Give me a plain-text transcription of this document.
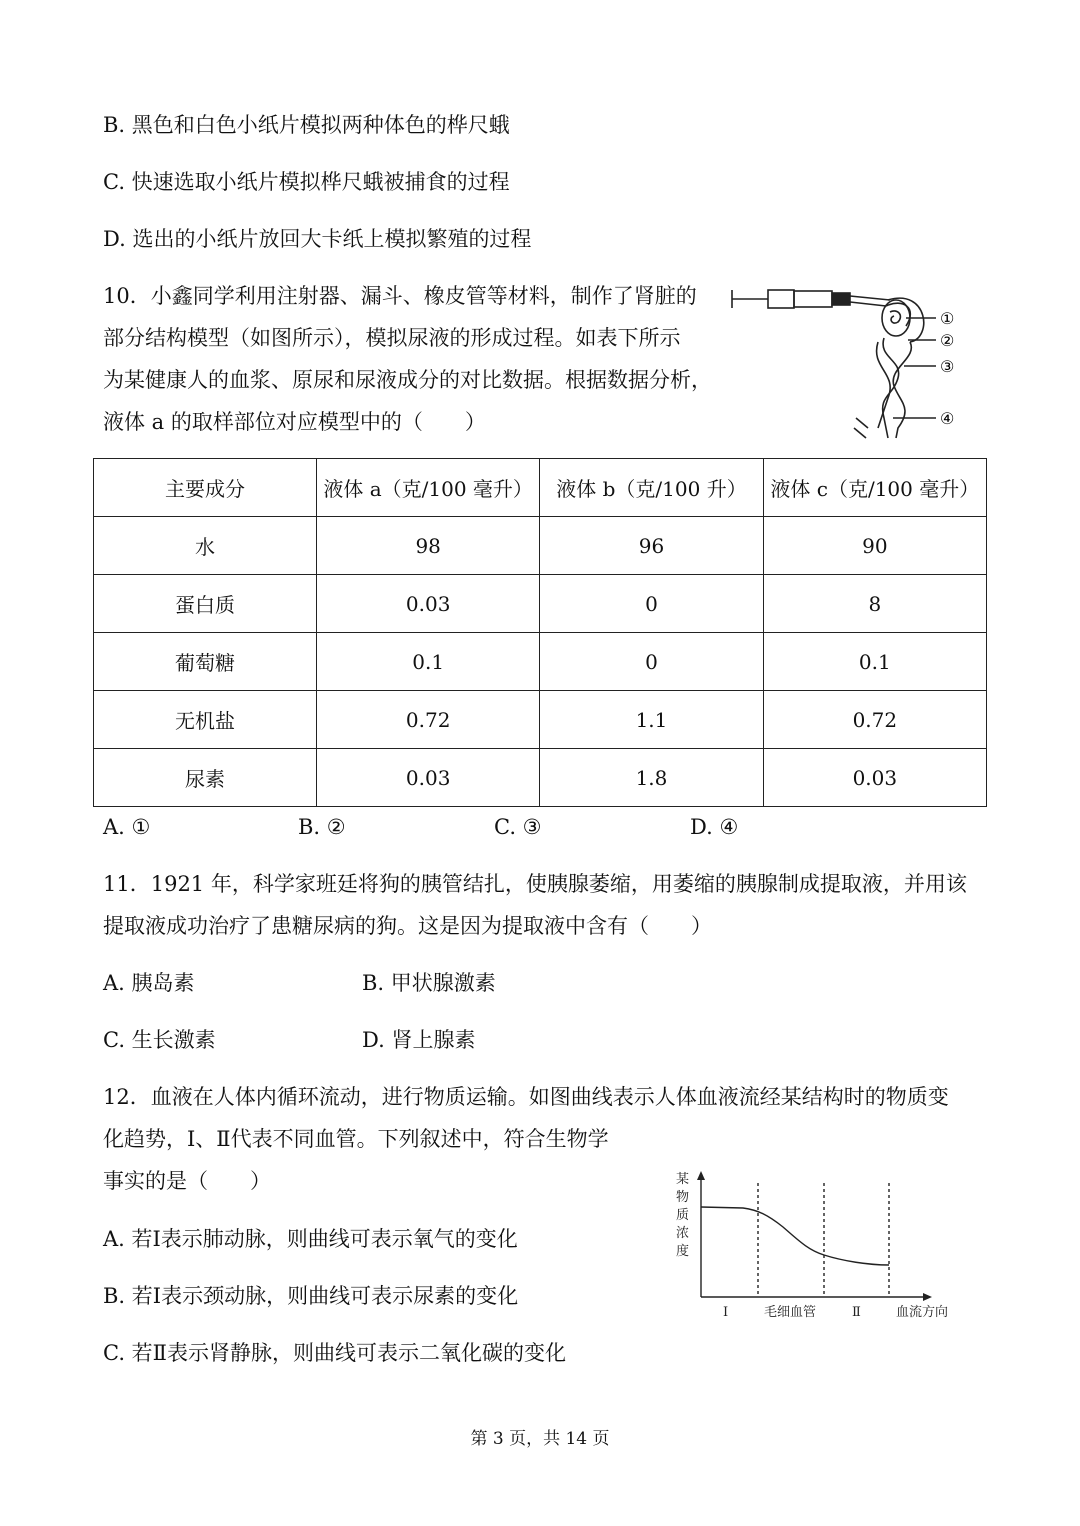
B. 黑色和白色小纸片模拟两种体色的桦尺蛾
C. 快速选取小纸片模拟桦尺蛾被捕食的过程
D. 选出的小纸片放回大卡纸上模拟繁殖的过程
10．小鑫同学利用注射器、漏斗、橡皮管等材料，制作了肾脏的
部分结构模型（如图所示），模拟尿液的形成过程。如表下所示
为某健康人的血浆、原尿和尿液成分的对比数据。根据数据分析，
液体 a 的取样部位对应模型中的（　　）
①
②
③
④
主要成分	液体 a（克/100 毫升）	液体 b（克/100 升）	液体 c（克/100 毫升）
水	98	96	90
蛋白质	0.03	0	8
葡萄糖	0.1	0	0.1
无机盐	0.72	1.1	0.72
尿素	0.03	1.8	0.03
A. ①	B. ②	C. ③	D. ④
11．1921 年，科学家班廷将狗的胰管结扎，使胰腺萎缩，用萎缩的胰腺制成提取液，并用该
提取液成功治疗了患糖尿病的狗。这是因为提取液中含有（　　）
A. 胰岛素	B. 甲状腺激素
C. 生长激素	D. 肾上腺素
12．血液在人体内循环流动，进行物质运输。如图曲线表示人体血液流经某结构时的物质变
化趋势，Ⅰ、Ⅱ代表不同血管。下列叙述中，符合生物学
事实的是（　　）
A. 若Ⅰ表示肺动脉，则曲线可表示氧气的变化
B. 若Ⅰ表示颈动脉，则曲线可表示尿素的变化
C. 若Ⅱ表示肾静脉，则曲线可表示二氧化碳的变化
某
物
质
浓
度
Ⅰ	毛细血管	Ⅱ	血流方向
第 3 页，共 14 页
